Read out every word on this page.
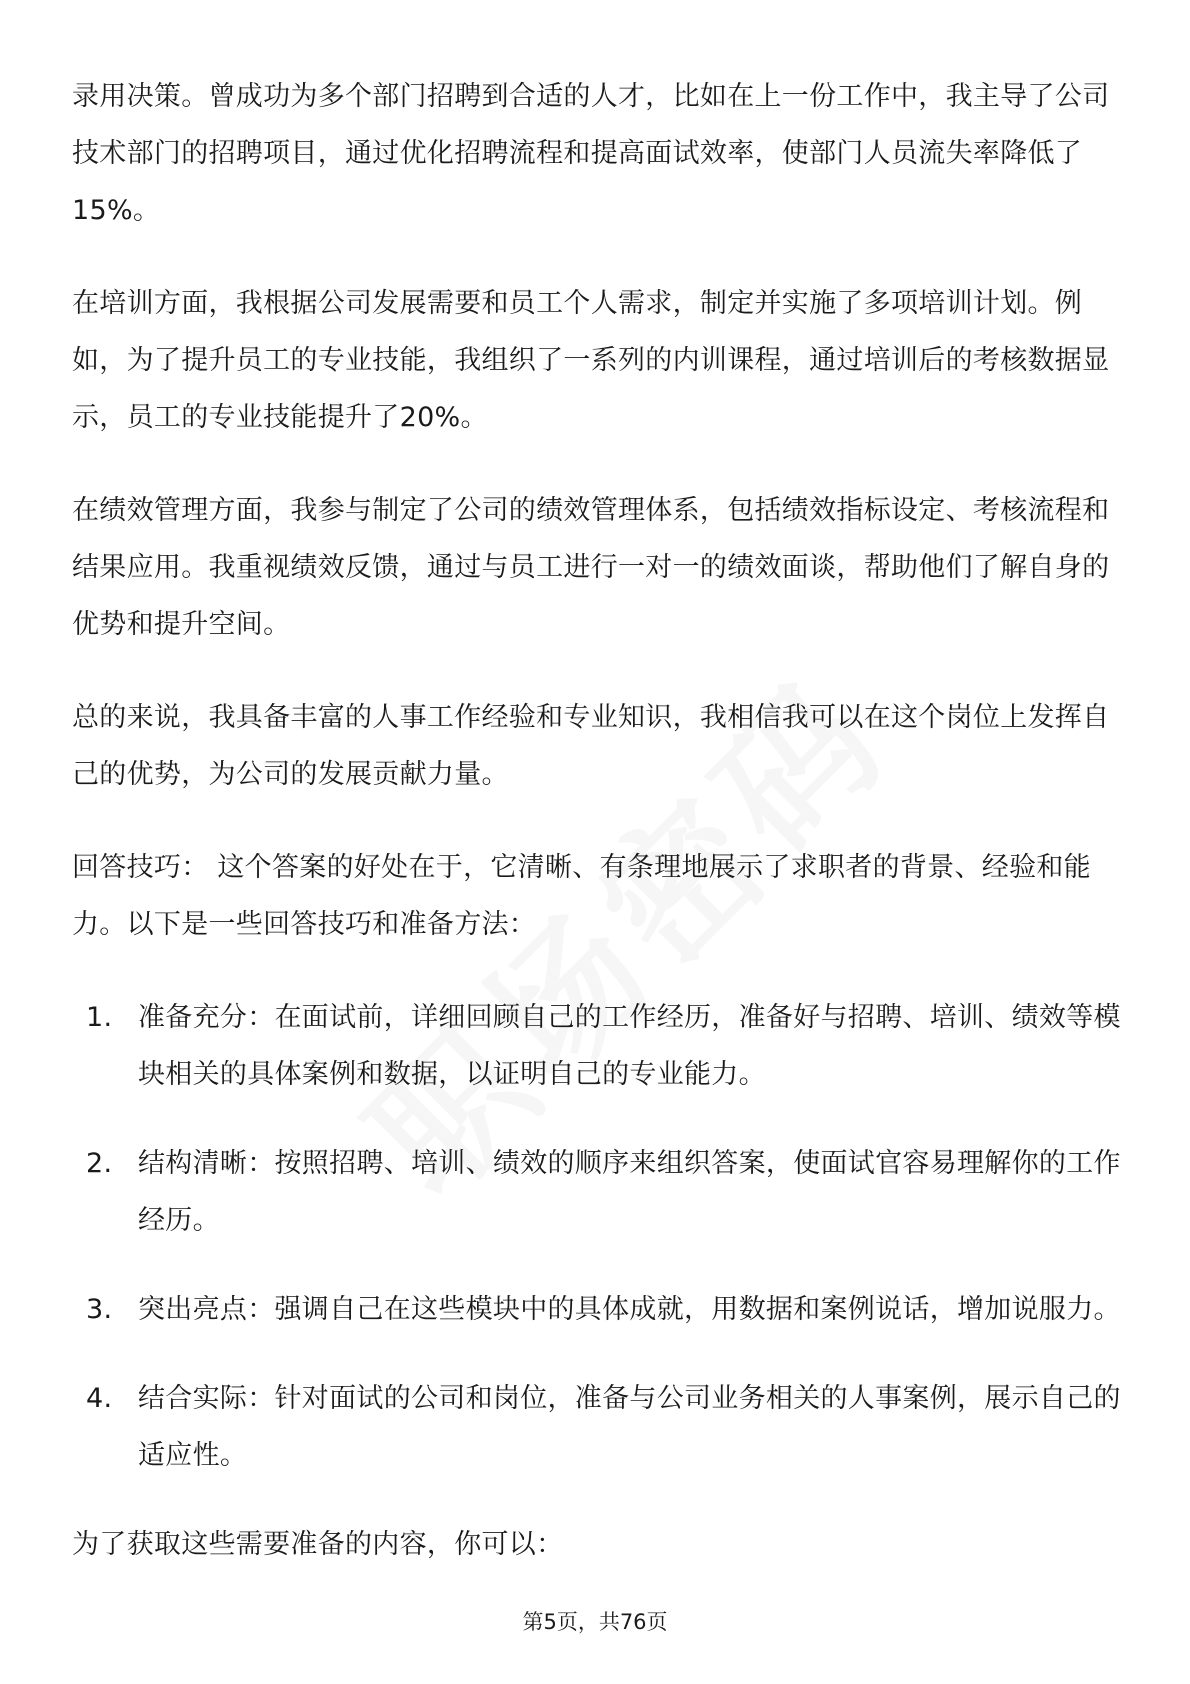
录用决策。曾成功为多个部门招聘到合适的人才，比如在上一份工作中，我主导了公司技术部门的招聘项目，通过优化招聘流程和提高面试效率，使部门人员流失率降低了15%。

在培训方面，我根据公司发展需要和员工个人需求，制定并实施了多项培训计划。例如，为了提升员工的专业技能，我组织了一系列的内训课程，通过培训后的考核数据显示，员工的专业技能提升了20%。

在绩效管理方面，我参与制定了公司的绩效管理体系，包括绩效指标设定、考核流程和结果应用。我重视绩效反馈，通过与员工进行一对一的绩效面谈，帮助他们了解自身的优势和提升空间。

总的来说，我具备丰富的人事工作经验和专业知识，我相信我可以在这个岗位上发挥自己的优势，为公司的发展贡献力量。

回答技巧： 这个答案的好处在于，它清晰、有条理地展示了求职者的背景、经验和能力。以下是一些回答技巧和准备方法：

1. 准备充分：在面试前，详细回顾自己的工作经历，准备好与招聘、培训、绩效等模块相关的具体案例和数据，以证明自己的专业能力。
2. 结构清晰：按照招聘、培训、绩效的顺序来组织答案，使面试官容易理解你的工作经历。
3. 突出亮点：强调自己在这些模块中的具体成就，用数据和案例说话，增加说服力。
4. 结合实际：针对面试的公司和岗位，准备与公司业务相关的人事案例，展示自己的适应性。

为了获取这些需要准备的内容，你可以：

第5页，共76页
